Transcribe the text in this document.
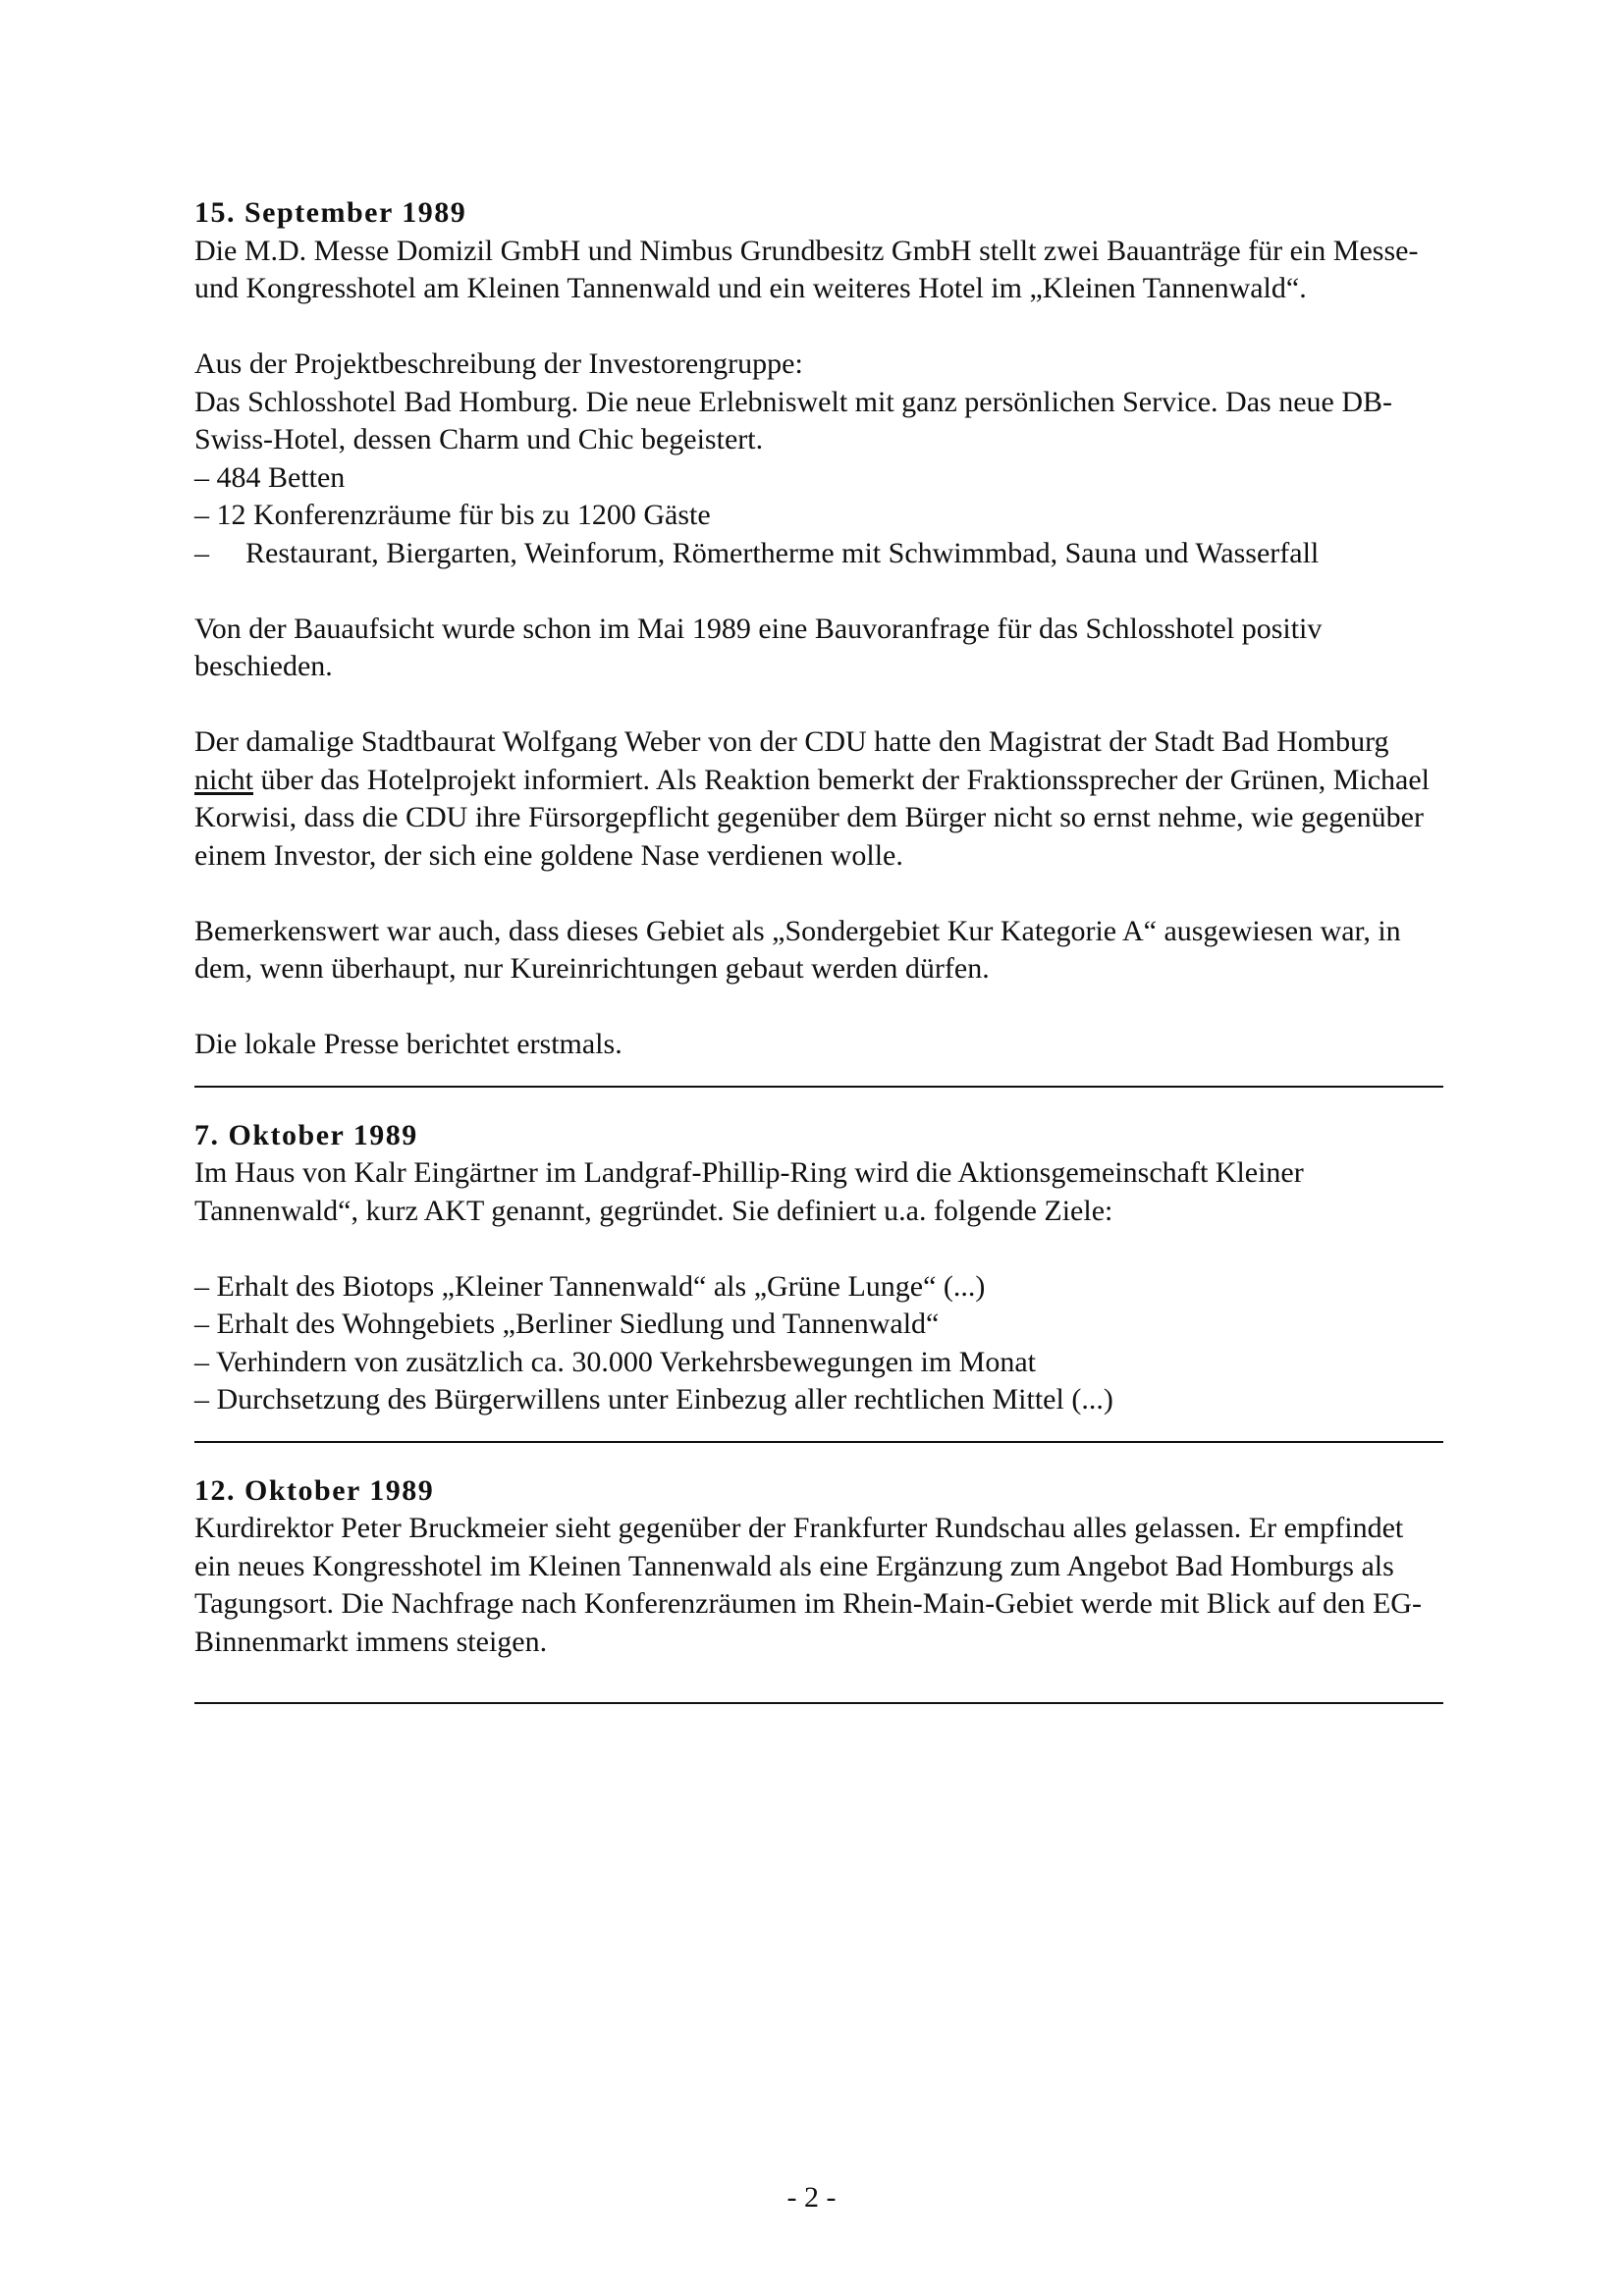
15. September 1989

Die M.D. Messe Domizil GmbH und Nimbus Grundbesitz GmbH stellt zwei Bauanträge für ein Messe- und Kongresshotel am Kleinen Tannenwald und ein weiteres Hotel im „Kleinen Tannenwald“.

Aus der Projektbeschreibung der Investorengruppe:

Das Schlosshotel Bad Homburg. Die neue Erlebniswelt mit ganz persönlichen Service. Das neue DB-Swiss-Hotel, dessen Charm und Chic begeistert.

– 484 Betten
– 12 Konferenzräume für bis zu 1200 Gäste
–	Restaurant, Biergarten, Weinforum, Römertherme mit Schwimmbad, Sauna und Wasserfall

Von der Bauaufsicht wurde schon im Mai 1989 eine Bauvoranfrage für das Schlosshotel positiv beschieden.

Der damalige Stadtbaurat Wolfgang Weber von der CDU hatte den Magistrat der Stadt Bad Homburg nicht über das Hotelprojekt informiert. Als Reaktion bemerkt der Fraktionssprecher der Grünen, Michael Korwisi, dass die CDU ihre Fürsorgepflicht gegenüber dem Bürger nicht so ernst nehme, wie gegenüber einem Investor, der sich eine goldene Nase verdienen wolle.

Bemerkenswert war auch, dass dieses Gebiet als „Sondergebiet Kur Kategorie A“ ausgewiesen war, in dem, wenn überhaupt, nur Kureinrichtungen gebaut werden dürfen.

Die lokale Presse berichtet erstmals.

7. Oktober 1989

Im Haus von Kalr Eingärtner im Landgraf-Phillip-Ring wird die Aktionsgemeinschaft Kleiner Tannenwald“, kurz AKT genannt, gegründet. Sie definiert u.a. folgende Ziele:

– Erhalt des Biotops „Kleiner Tannenwald“ als „Grüne Lunge“ (...)
– Erhalt des Wohngebiets „Berliner Siedlung und Tannenwald“
– Verhindern von zusätzlich ca. 30.000 Verkehrsbewegungen im Monat
– Durchsetzung des Bürgerwillens unter Einbezug aller rechtlichen Mittel (...)
12. Oktober 1989

Kurdirektor Peter Bruckmeier sieht gegenüber der Frankfurter Rundschau alles gelassen. Er empfindet ein neues Kongresshotel im Kleinen Tannenwald als eine Ergänzung zum Angebot Bad Homburgs als Tagungsort. Die Nachfrage nach Konferenzräumen im Rhein-Main-Gebiet werde mit Blick auf den EG-Binnenmarkt immens steigen.

- 2 -
